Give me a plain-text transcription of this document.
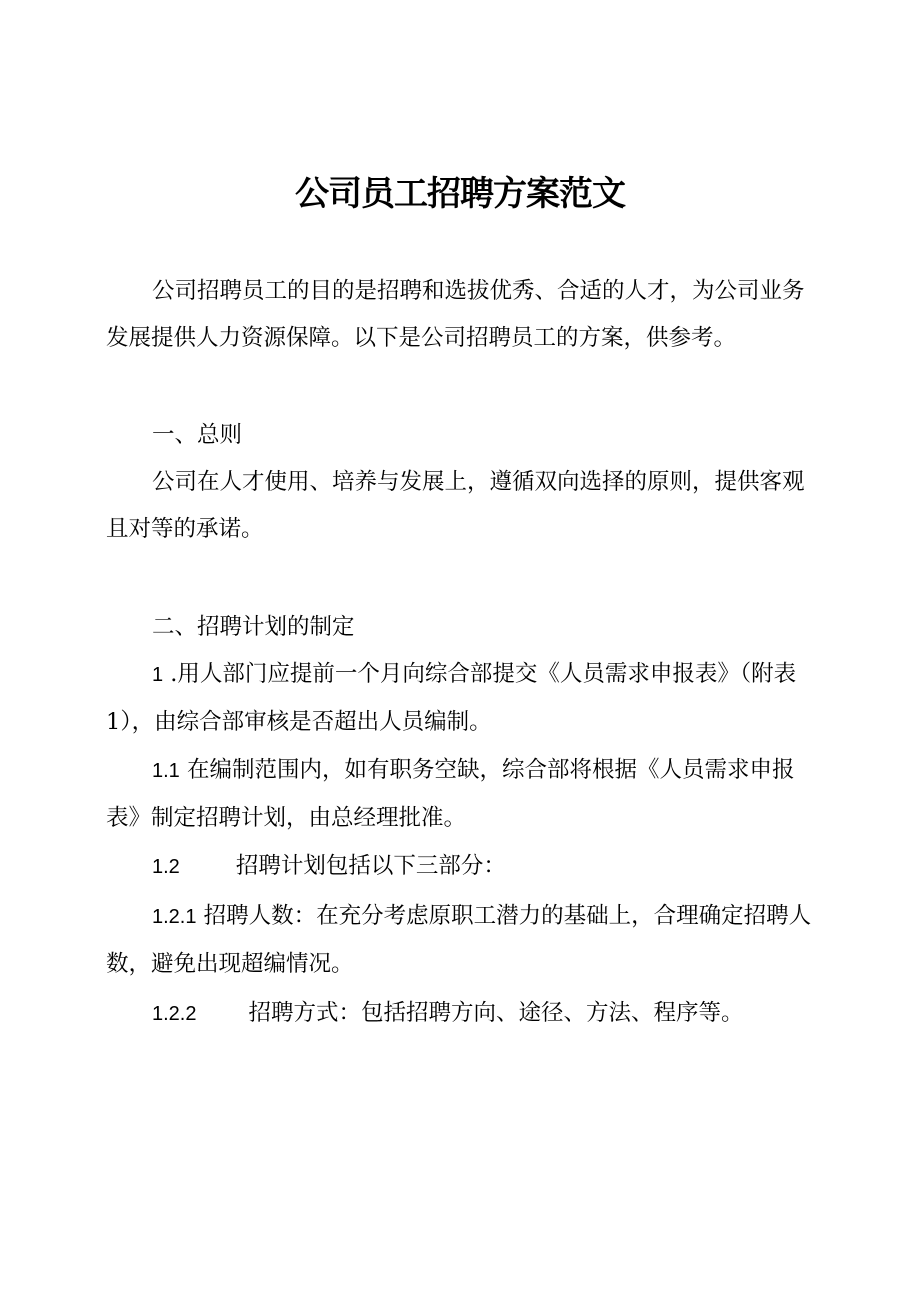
公司员工招聘方案范文

公司招聘员工的目的是招聘和选拔优秀、合适的人才，为公司业务发展提供人力资源保障。以下是公司招聘员工的方案，供参考。

一、总则

公司在人才使用、培养与发展上，遵循双向选择的原则，提供客观且对等的承诺。

二、招聘计划的制定

1 .用人部门应提前一个月向综合部提交《人员需求申报表》（附表1），由综合部审核是否超出人员编制。

1.1 在编制范围内，如有职务空缺，综合部将根据《人员需求申报表》制定招聘计划，由总经理批准。

1.2 招聘计划包括以下三部分：

1.2.1 招聘人数：在充分考虑原职工潜力的基础上，合理确定招聘人数，避免出现超编情况。

1.2.2 招聘方式：包括招聘方向、途径、方法、程序等。
